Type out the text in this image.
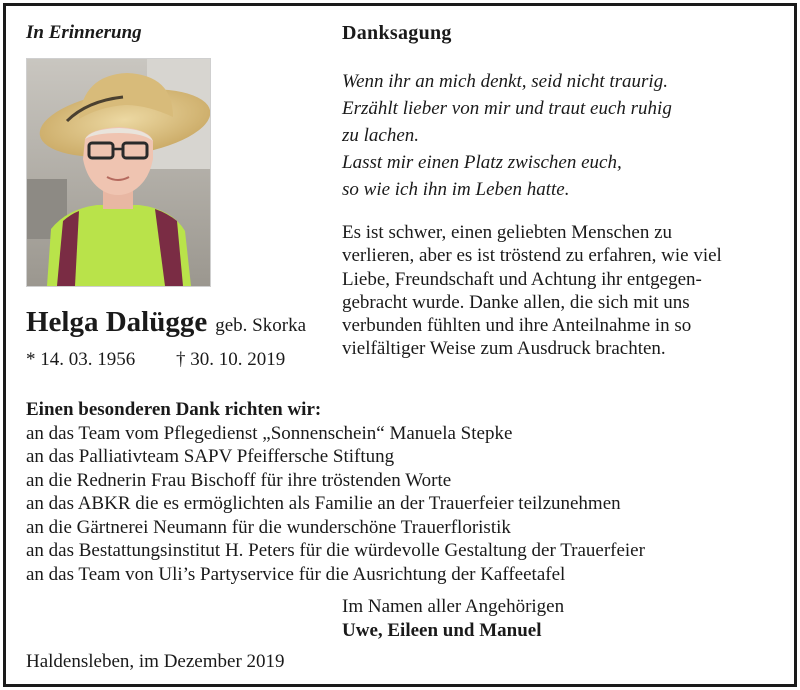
In Erinnerung	Danksagung
Wenn ihr an mich denkt, seid nicht traurig.
Erzählt lieber von mir und traut euch ruhig
zu lachen.
Lasst mir einen Platz zwischen euch,
so wie ich ihn im Leben hatte.
Es ist schwer, einen geliebten Menschen zu
verlieren, aber es ist tröstend zu erfahren, wie viel
Liebe, Freundschaft und Achtung ihr entgegen-
gebracht wurde. Danke allen, die sich mit uns
verbunden fühlten und ihre Anteilnahme in so
vielfältiger Weise zum Ausdruck brachten.
Helga Dalügge geb. Skorka
* 14. 03. 1956 † 30. 10. 2019
Einen besonderen Dank richten wir:
an das Team vom Pflegedienst „Sonnenschein“ Manuela Stepke
an das Palliativteam SAPV Pfeiffersche Stiftung
an die Rednerin Frau Bischoff für ihre tröstenden Worte
an das ABKR die es ermöglichten als Familie an der Trauerfeier teilzunehmen
an die Gärtnerei Neumann für die wunderschöne Trauerfloristik
an das Bestattungsinstitut H. Peters für die würdevolle Gestaltung der Trauerfeier
an das Team von Uli’s Partyservice für die Ausrichtung der Kaffeetafel
Im Namen aller Angehörigen
Uwe, Eileen und Manuel
Haldensleben, im Dezember 2019
